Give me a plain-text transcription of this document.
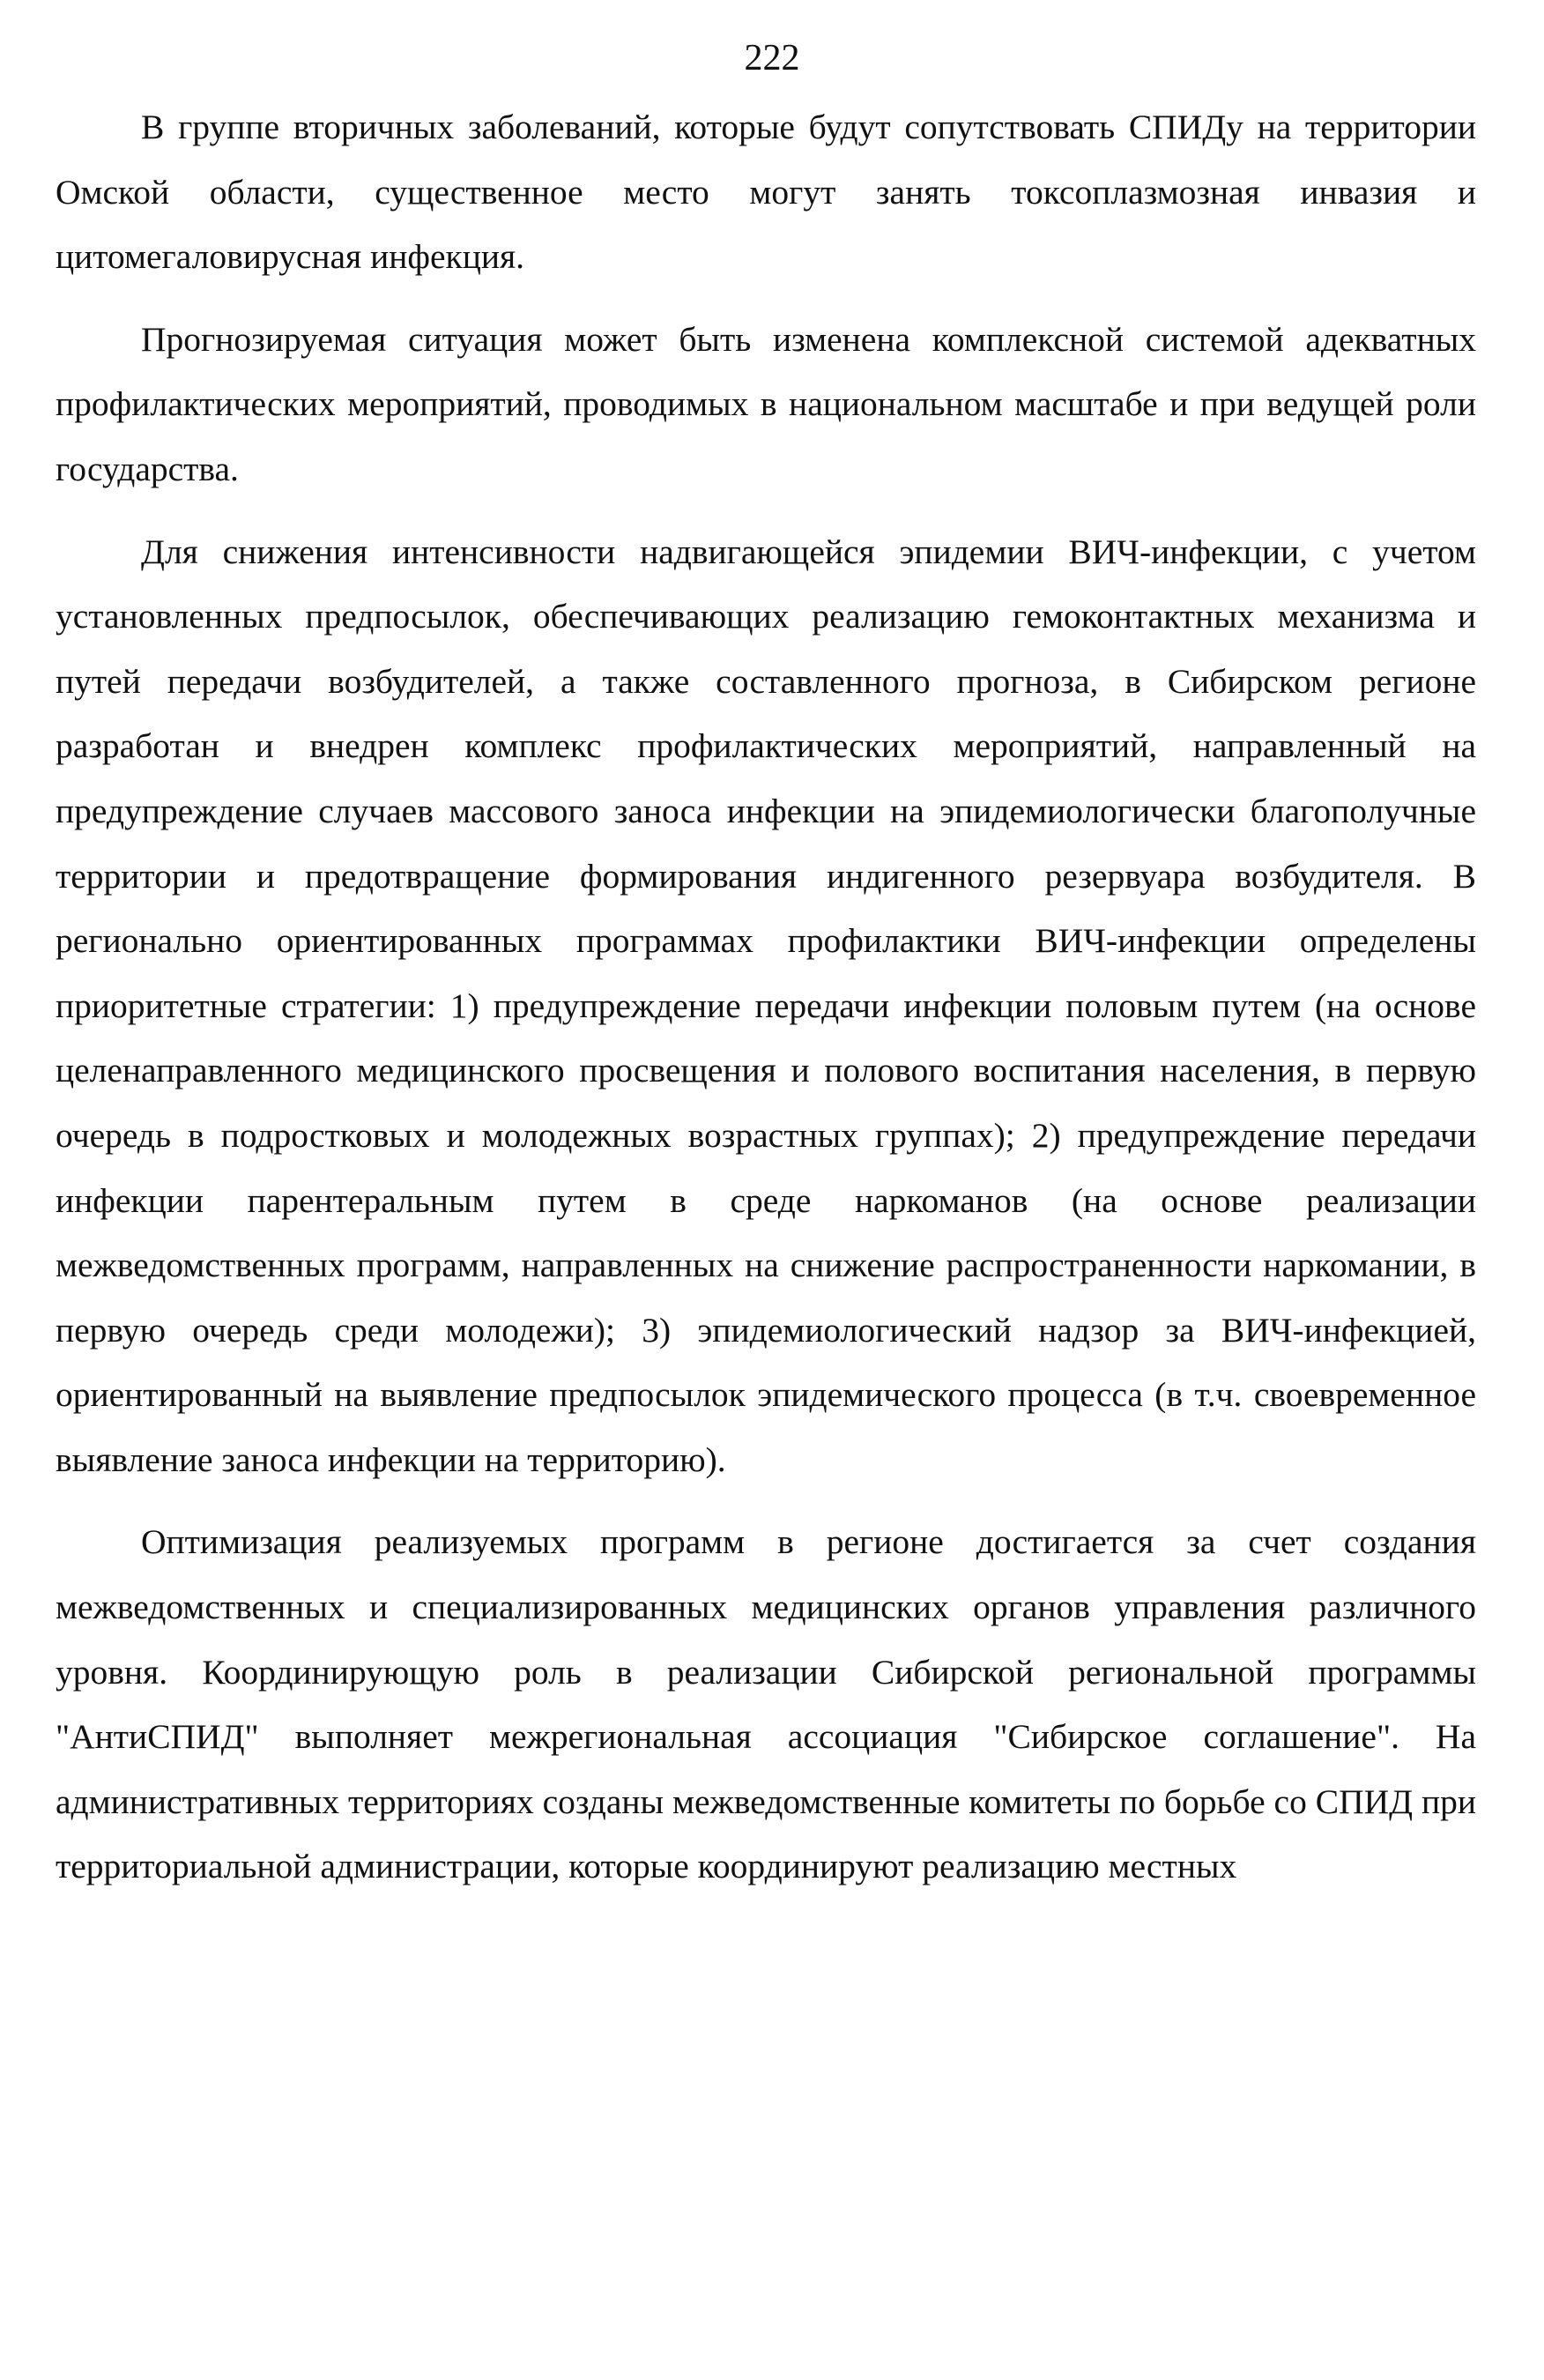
222

В группе вторичных заболеваний, которые будут сопутствовать СПИДу на территории Омской области, существенное место могут занять токсоплазмозная инвазия и цитомегаловирусная инфекция.

Прогнозируемая ситуация может быть изменена комплексной системой адекватных профилактических мероприятий, проводимых в национальном масштабе и при ведущей роли государства.

Для снижения интенсивности надвигающейся эпидемии ВИЧ-инфекции, с учетом установленных предпосылок, обеспечивающих реализацию гемоконтактных механизма и путей передачи возбудителей, а также составленного прогноза, в Сибирском регионе разработан и внедрен комплекс профилактических мероприятий, направленный на предупреждение случаев массового заноса инфекции на эпидемиологически благополучные территории и предотвращение формирования индигенного резервуара возбудителя. В регионально ориентированных программах профилактики ВИЧ-инфекции определены приоритетные стратегии: 1) предупреждение передачи инфекции половым путем (на основе целенаправленного медицинского просвещения и полового воспитания населения, в первую очередь в подростковых и молодежных возрастных группах); 2) предупреждение передачи инфекции парентеральным путем в среде наркоманов (на основе реализации межведомственных программ, направленных на снижение распространенности наркомании, в первую очередь среди молодежи); 3) эпидемиологический надзор за ВИЧ-инфекцией, ориентированный на выявление предпосылок эпидемического процесса (в т.ч. своевременное выявление заноса инфекции на территорию).

Оптимизация реализуемых программ в регионе достигается за счет создания межведомственных и специализированных медицинских органов управления различного уровня. Координирующую роль в реализации Сибирской региональной программы "АнтиСПИД" выполняет межрегиональная ассоциация "Сибирское соглашение". На административных территориях созданы межведомственные комитеты по борьбе со СПИД при территориальной администрации, которые координируют реализацию местных
